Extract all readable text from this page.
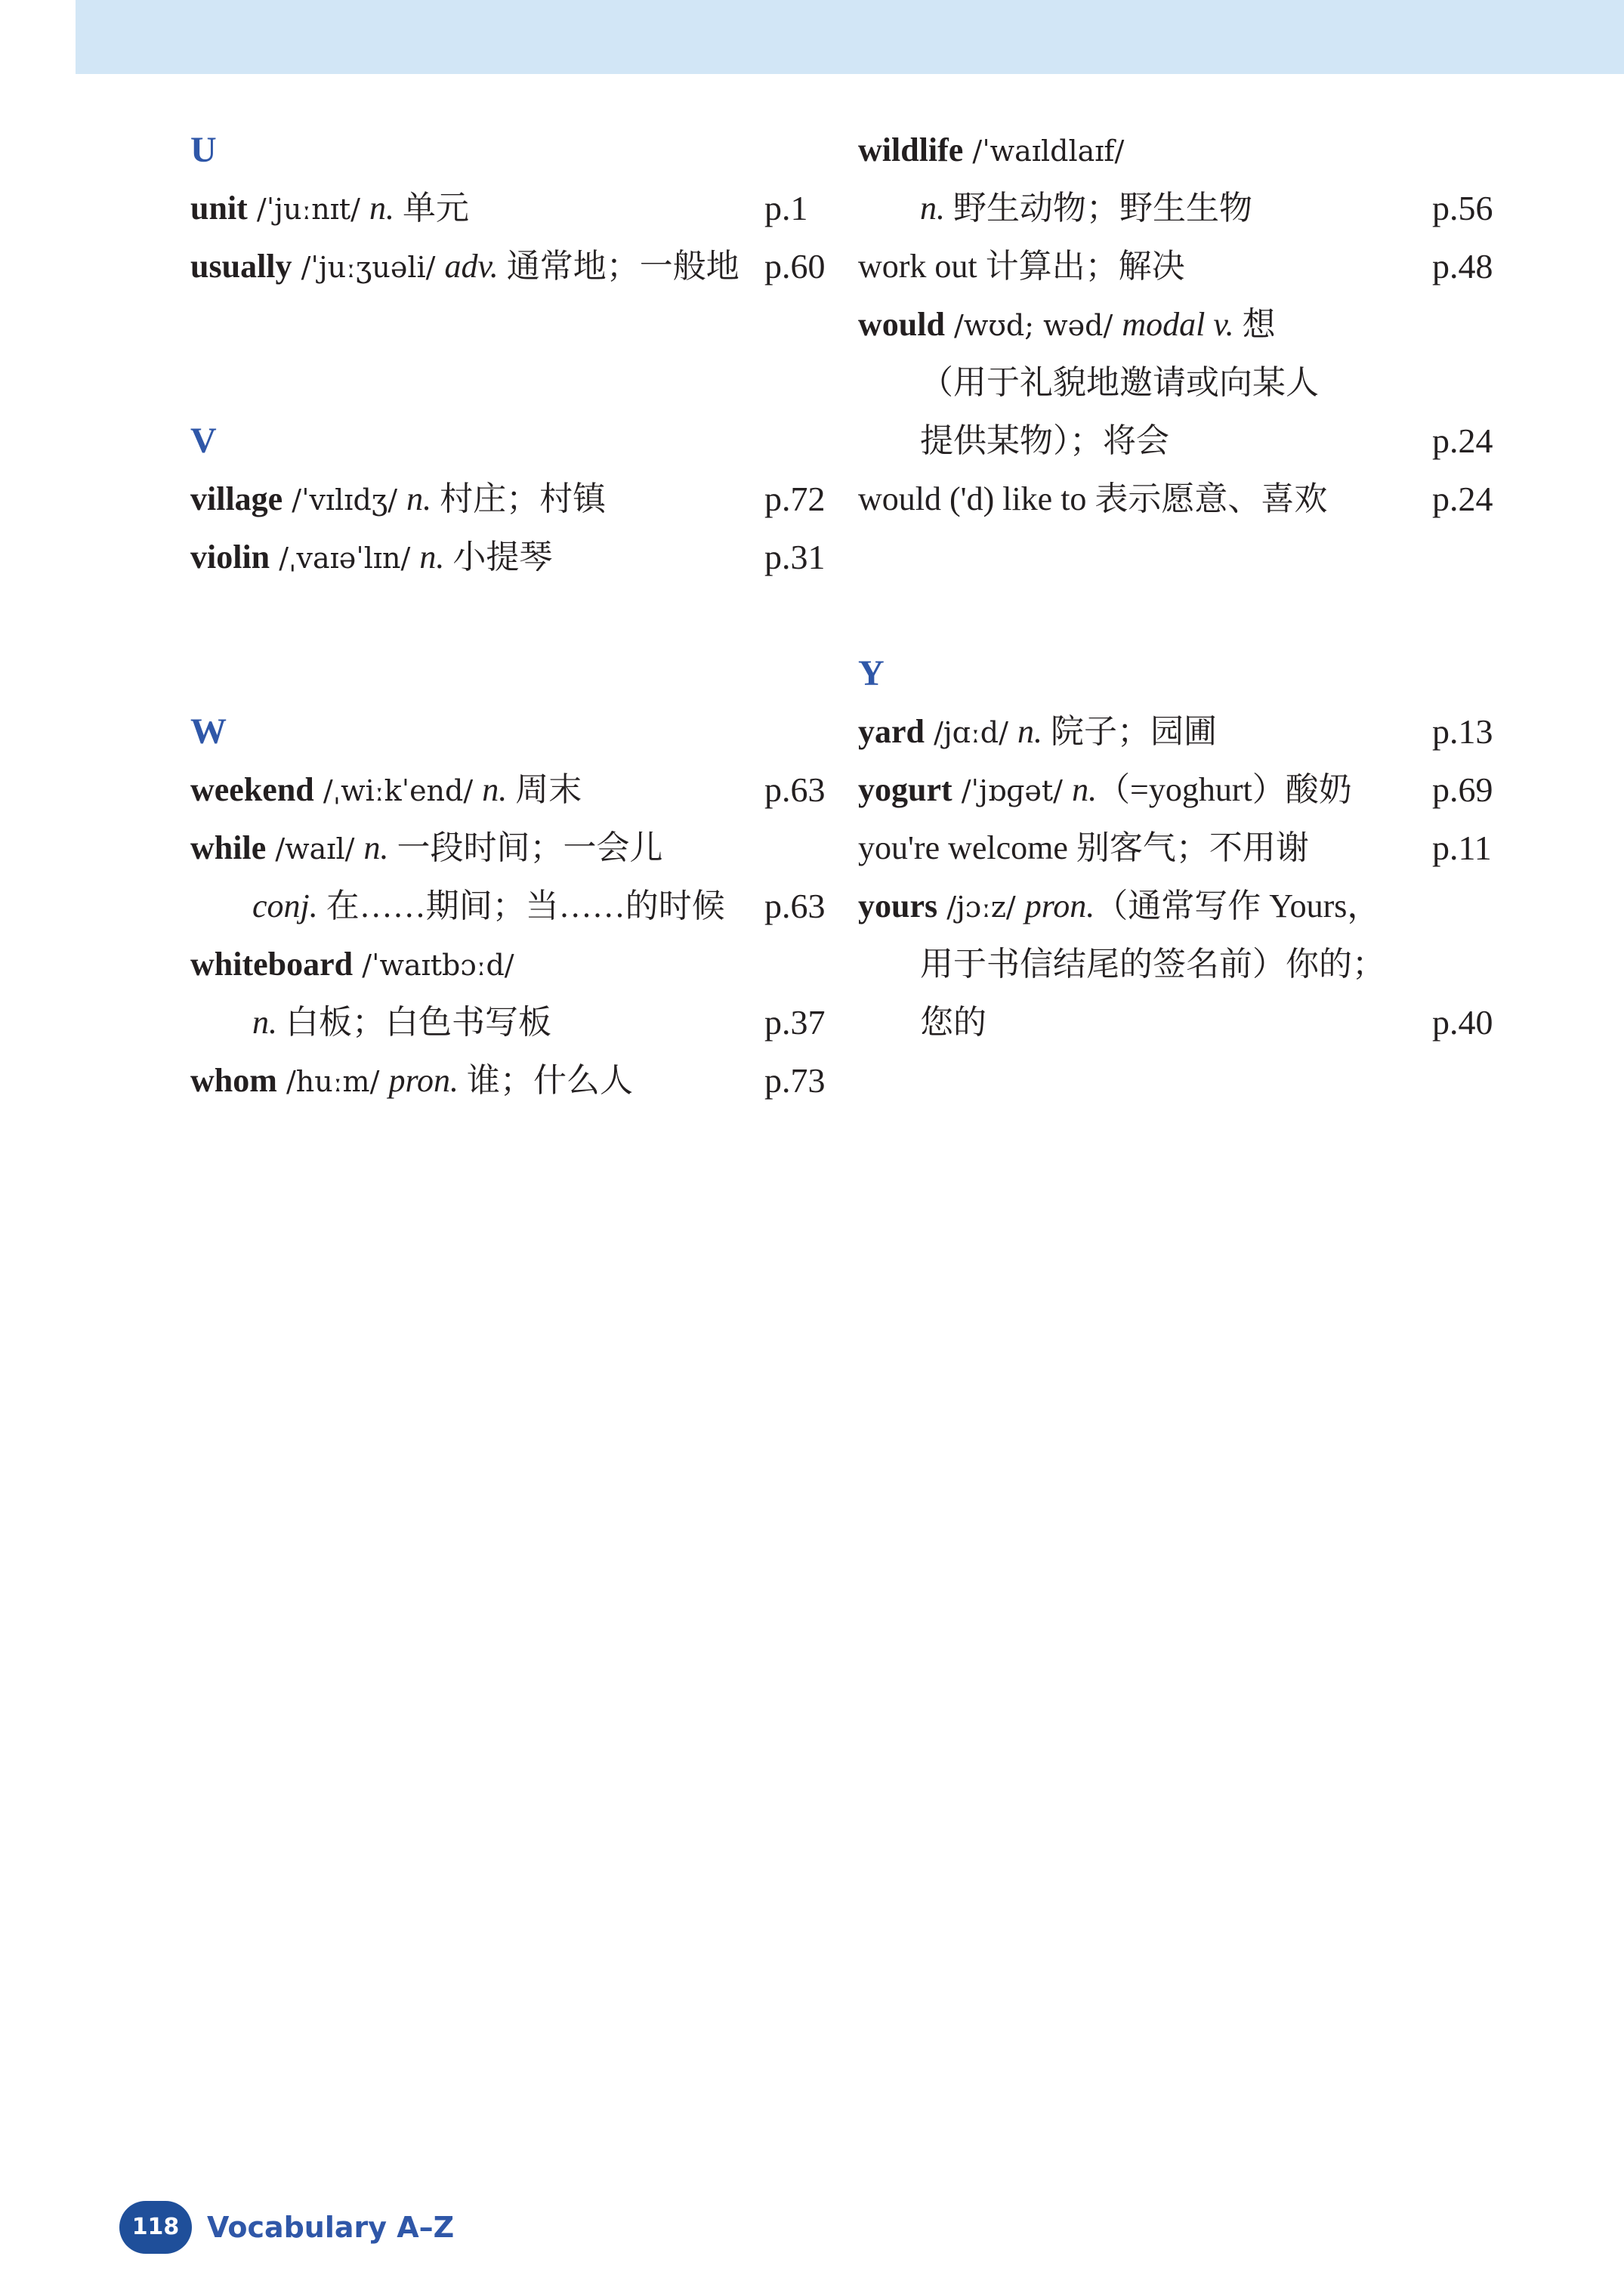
U
unit /ˈjuːnɪt/ n. 单元	p.1
usually /ˈjuːʒuəli/ adv. 通常地；一般地 p.60
V
village /ˈvɪlɪdʒ/ n. 村庄；村镇	p.72
violin /ˌvaɪəˈlɪn/ n. 小提琴	p.31
W
weekend /ˌwiːkˈend/ n. 周末	p.63
while /waɪl/ n. 一段时间；一会儿
conj. 在……期间；当……的时候 p.63
whiteboard /ˈwaɪtbɔːd/
n. 白板；白色书写板	p.37
whom /huːm/ pron. 谁；什么人	p.73
wildlife /ˈwaɪldlaɪf/
n. 野生动物；野生生物	p.56
work out 计算出；解决	p.48
would /wʊd; wəd/ modal v. 想
（用于礼貌地邀请或向某人
提供某物）；将会	p.24
would ('d) like to 表示愿意、喜欢	p.24
Y
yard /jɑːd/ n. 院子；园圃	p.13
yogurt /ˈjɒɡət/ n.（=yoghurt）酸奶 p.69
you're welcome 别客气；不用谢	p.11
yours /jɔːz/ pron.（通常写作 Yours，
用于书信结尾的签名前）你的；
您的	p.40
118 Vocabulary A–Z
